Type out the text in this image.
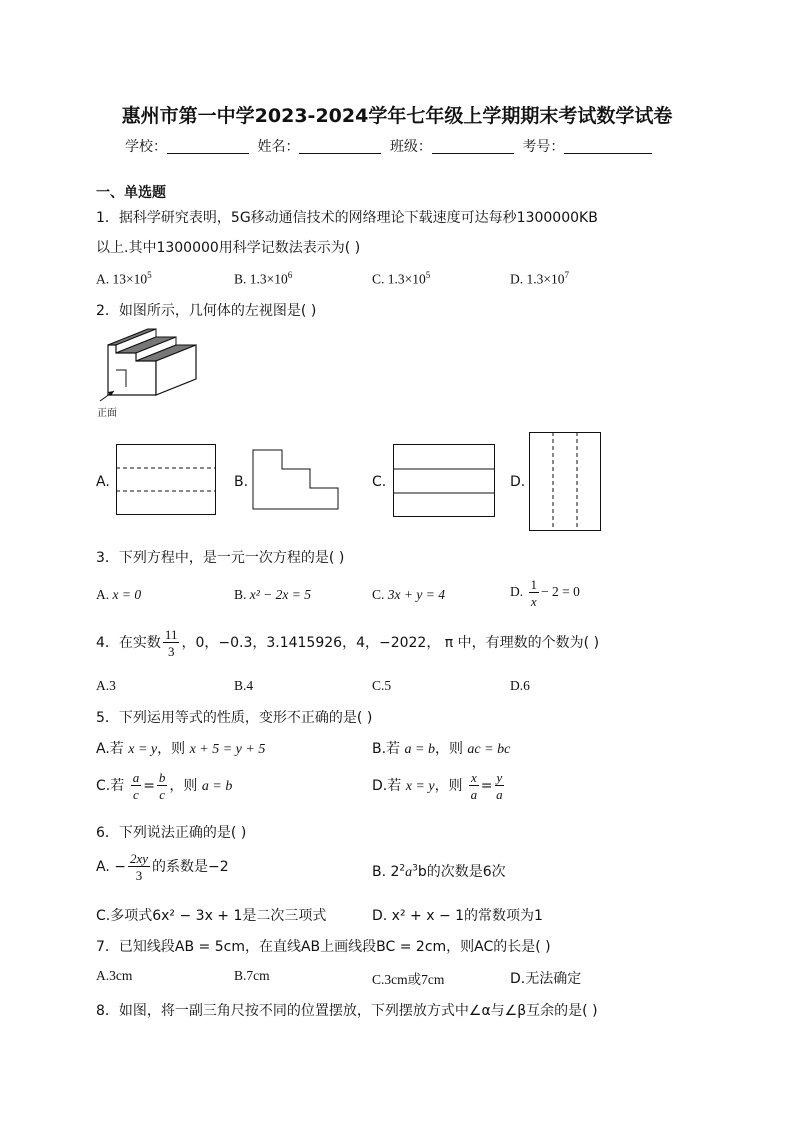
惠州市第一中学2023-2024学年七年级上学期期末考试数学试卷
学校：	姓名：	班级：	考号：
一、单选题
1．据科学研究表明，5G移动通信技术的网络理论下载速度可达每秒1300000KB
以上.其中1300000用科学记数法表示为( )
A. $13\times 10^5$	B. $1.3\times 10^6$	C. $1.3\times 10^5$	D. $1.3\times 10^7$
2．如图所示，几何体的左视图是( )
正面
A.	B.	C.	D.
3．下列方程中，是一元一次方程的是( )
A. x = 0	B. x² − 2x = 5	C. 3x + y = 4	D. $\frac{1}{x} - 2 = 0$
4．在实数 $\frac{11}{3}$ ，0，−0.3，3.1415926，4，−2022， π 中，有理数的个数为( )
A.3	B.4	C.5	D.6
5．下列运用等式的性质，变形不正确的是( )
A.若 x = y，则 x + 5 = y + 5	B.若 a = b，则 ac = bc
C.若 $\frac{a}{c} = \frac{b}{c}$ ，则 a = b	D.若 x = y，则 $\frac{x}{a} = \frac{y}{a}$
6．下列说法正确的是( )
A. − $\frac{2xy}{3}$ 的系数是−2	B. $2^2a^3b$的次数是6次
C.多项式6x² − 3x + 1是二次三项式	D. x² + x − 1的常数项为1
7．已知线段AB = 5cm，在直线AB上画线段BC = 2cm，则AC的长是( )
A.3cm	B.7cm	C.3cm或7cm	D.无法确定
8．如图，将一副三角尺按不同的位置摆放，下列摆放方式中∠α与∠β互余的是( )
